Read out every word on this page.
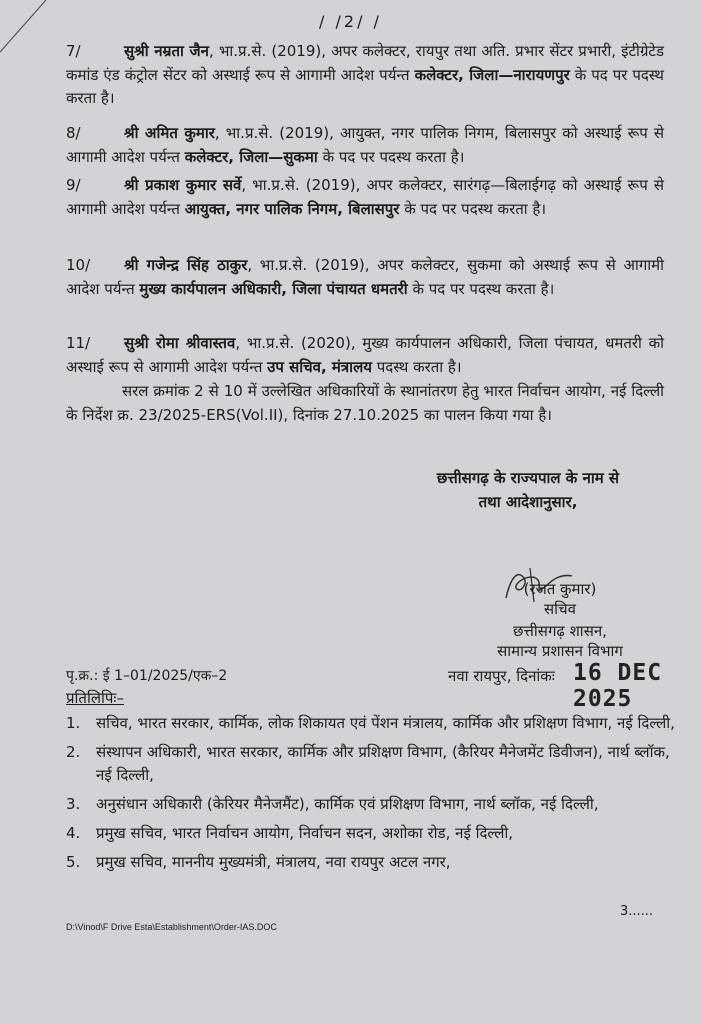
/ /2/ /
7/	सुश्री नम्रता जैन, भा.प्र.से. (2019), अपर कलेक्टर, रायपुर तथा अति. प्रभार सेंटर प्रभारी, इंटीग्रेटेड कमांड एंड कंट्रोल सेंटर को अस्थाई रूप से आगामी आदेश पर्यन्त कलेक्टर, जिला—नारायणपुर के पद पर पदस्थ करता है।
8/	श्री अमित कुमार, भा.प्र.से. (2019), आयुक्त, नगर पालिक निगम, बिलासपुर को अस्थाई रूप से आगामी आदेश पर्यन्त कलेक्टर, जिला—सुकमा के पद पर पदस्थ करता है।
9/	श्री प्रकाश कुमार सर्वे, भा.प्र.से. (2019), अपर कलेक्टर, सारंगढ़—बिलाईगढ़ को अस्थाई रूप से आगामी आदेश पर्यन्त आयुक्त, नगर पालिक निगम, बिलासपुर के पद पर पदस्थ करता है।
10/ श्री गजेन्द्र सिंह ठाकुर, भा.प्र.से. (2019), अपर कलेक्टर, सुकमा को अस्थाई रूप से आगामी आदेश पर्यन्त मुख्य कार्यपालन अधिकारी, जिला पंचायत धमतरी के पद पर पदस्थ करता है।
11/ सुश्री रोमा श्रीवास्तव, भा.प्र.से. (2020), मुख्य कार्यपालन अधिकारी, जिला पंचायत, धमतरी को अस्थाई रूप से आगामी आदेश पर्यन्त उप सचिव, मंत्रालय पदस्थ करता है।
सरल क्रमांक 2 से 10 में उल्लेखित अधिकारियों के स्थानांतरण हेतु भारत निर्वाचन आयोग, नई दिल्ली के निर्देश क्र. 23/2025-ERS(Vol.II), दिनांक 27.10.2025 का पालन किया गया है।
छत्तीसगढ़ के राज्यपाल के नाम से
तथा आदेशानुसार,
(रजत कुमार)
सचिव
छत्तीसगढ़ शासन,
सामान्य प्रशासन विभाग
पृ.क्र.: ई 1–01/2025/एक–2	नवा रायपुर, दिनांकः 16 DEC 2025
प्रतिलिपिः–
1. सचिव, भारत सरकार, कार्मिक, लोक शिकायत एवं पेंशन मंत्रालय, कार्मिक और प्रशिक्षण विभाग, नई दिल्ली,
2. संस्थापन अधिकारी, भारत सरकार, कार्मिक और प्रशिक्षण विभाग, (कैरियर मैनेजमेंट डिवीजन), नार्थ ब्लॉक, नई दिल्ली,
3. अनुसंधान अधिकारी (केरियर मैनेजमैंट), कार्मिक एवं प्रशिक्षण विभाग, नार्थ ब्लॉक, नई दिल्ली,
4. प्रमुख सचिव, भारत निर्वाचन आयोग, निर्वाचन सदन, अशोका रोड, नई दिल्ली,
5. प्रमुख सचिव, माननीय मुख्यमंत्री, मंत्रालय, नवा रायपुर अटल नगर,
3......
D:\Vinod\F Drive Esta\Establishment\Order-IAS.DOC
